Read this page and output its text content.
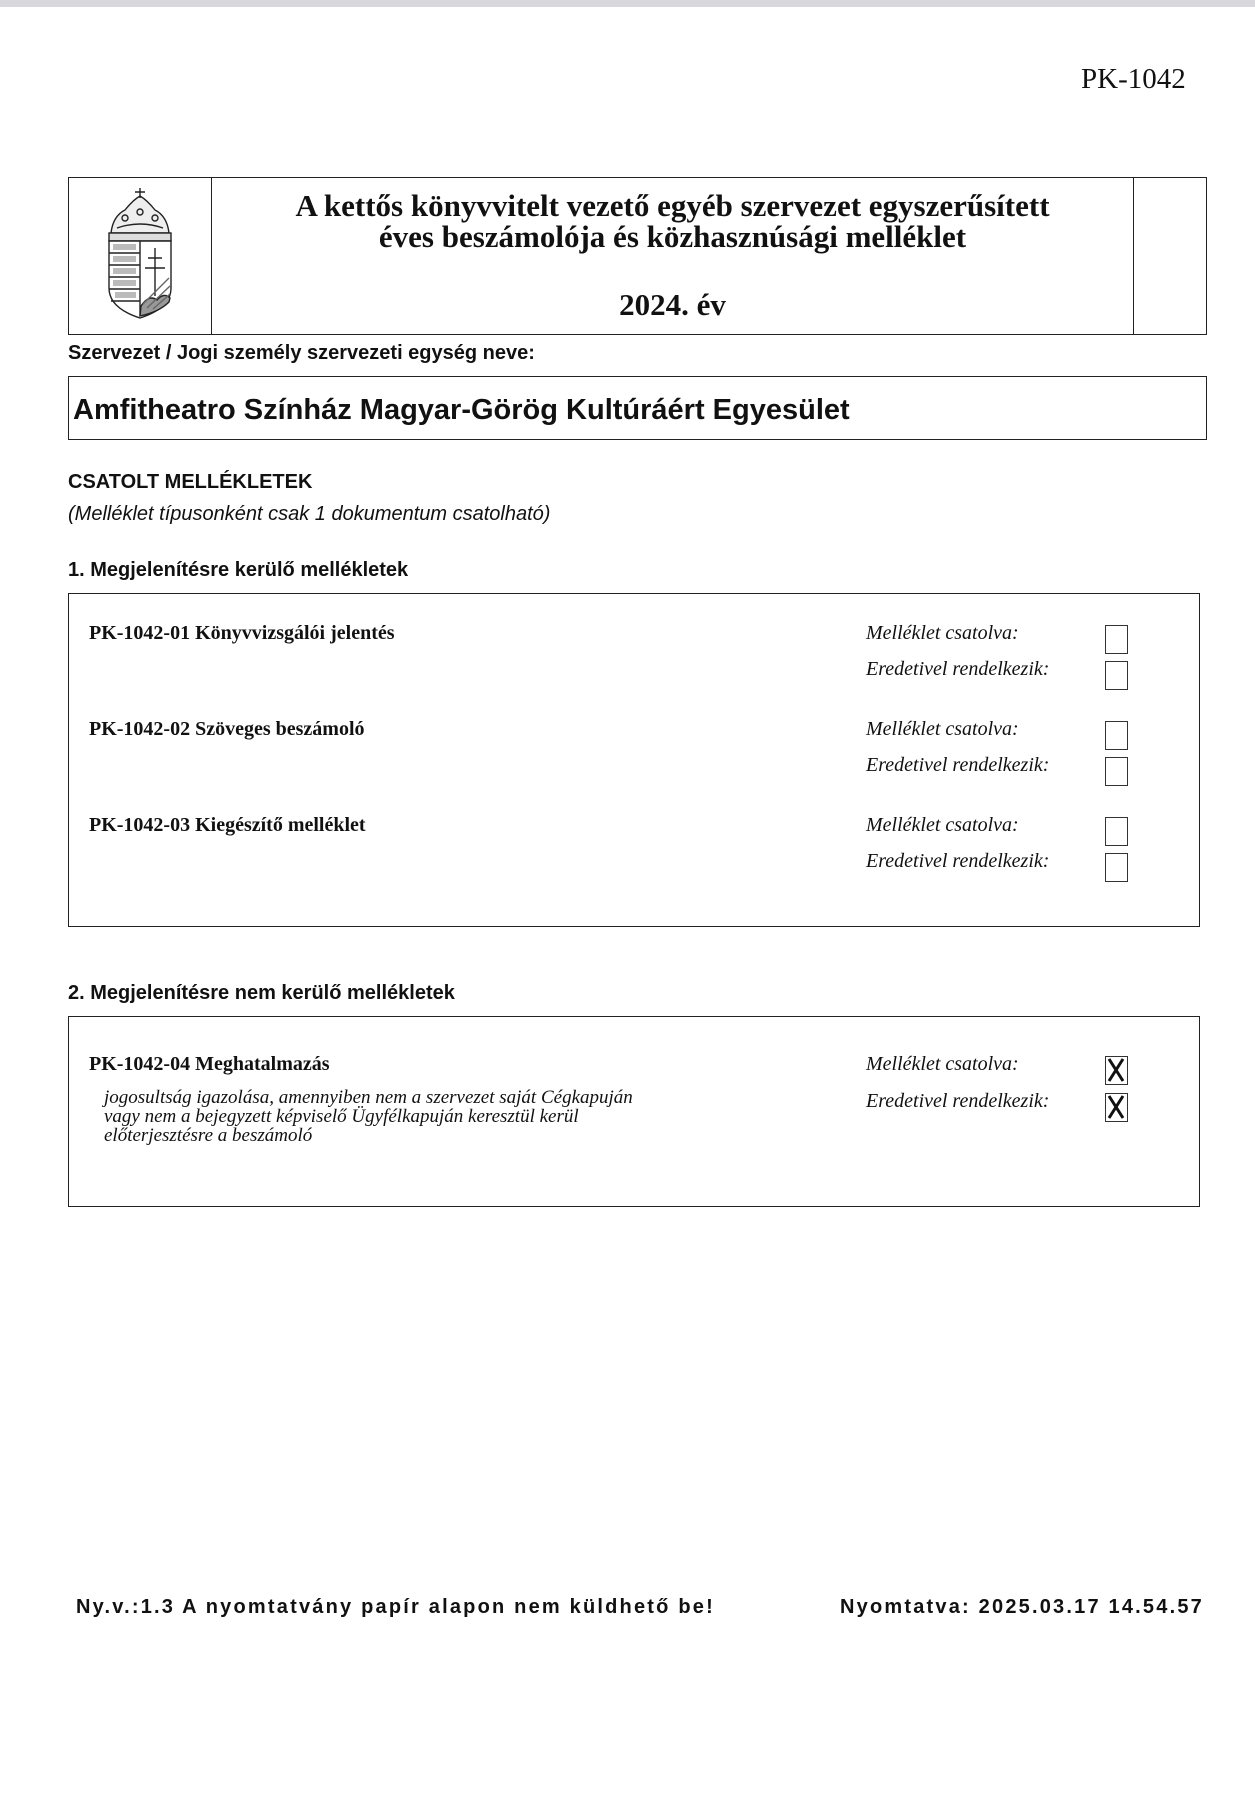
A kettős könyvvitelt vezető egyéb szervezet egyszerűsített
éves beszámolója és közhasznúsági melléklet
2024. év
PK-1042
Szervezet / Jogi személy szervezeti egység neve:
Amfitheatro Színház Magyar-Görög Kultúráért Egyesület
CSATOLT MELLÉKLETEK
(Melléklet típusonként csak 1 dokumentum csatolható)
1. Megjelenítésre kerülő mellékletek
PK-1042-01 Könyvvizsgálói jelentés	Melléklet csatolva:
Eredetivel rendelkezik:
PK-1042-02 Szöveges beszámoló	Melléklet csatolva:
Eredetivel rendelkezik:
PK-1042-03 Kiegészítő melléklet	Melléklet csatolva:
Eredetivel rendelkezik:
2. Megjelenítésre nem kerülő mellékletek
PK-1042-04 Meghatalmazás
jogosultság igazolása, amennyiben nem a szervezet saját Cégkapuján
vagy nem a bejegyzett képviselő Ügyfélkapuján keresztül kerül
előterjesztésre a beszámoló
Melléklet csatolva:
Eredetivel rendelkezik:
Ny.v.:1.3 A nyomtatvány papír alapon nem küldhető be!	Nyomtatva: 2025.03.17 14.54.57
